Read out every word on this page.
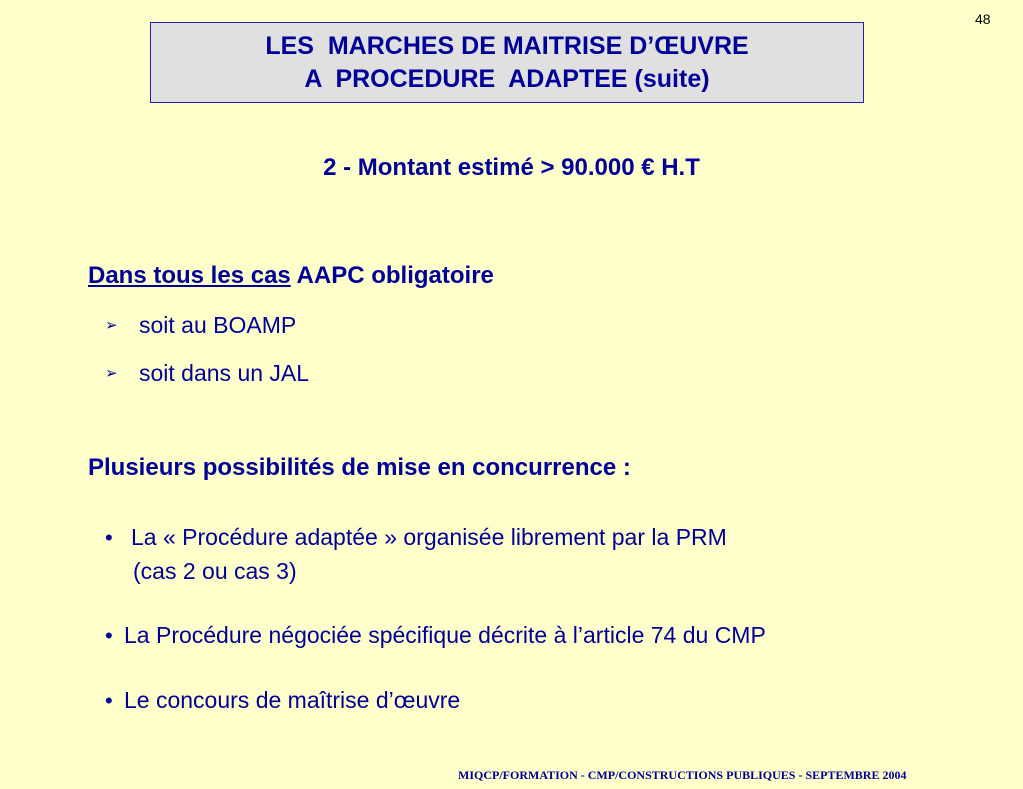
48
LES  MARCHES DE MAITRISE D’ŒUVRE
A  PROCEDURE  ADAPTEE (suite)
2 - Montant estimé > 90.000 € H.T
Dans tous les cas AAPC obligatoire
➢ soit au BOAMP
➢ soit dans un JAL
Plusieurs possibilités de mise en concurrence :
• La « Procédure adaptée » organisée librement par la PRM
(cas 2 ou cas 3)
• La Procédure négociée spécifique décrite à l’article 74 du CMP
• Le concours de maîtrise d’œuvre
MIQCP/FORMATION - CMP/CONSTRUCTIONS PUBLIQUES - SEPTEMBRE 2004
